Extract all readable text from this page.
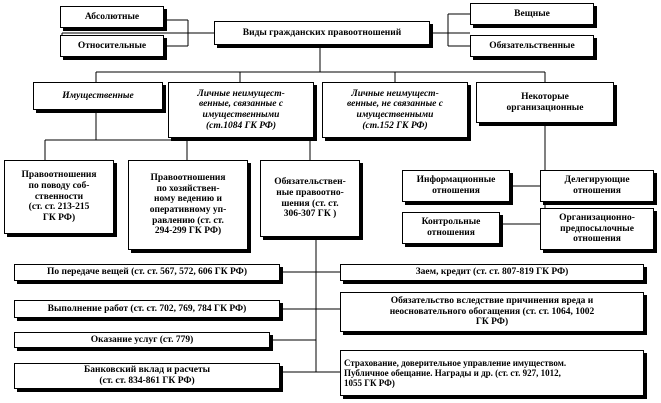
Абсолютные
Относительные
Виды гражданских правоотношений
Вещные
Обязательственные
Имущественные	Личные неимущест-
венные, связанные с
имущественными
(ст.1084 ГК РФ)
Личные неимущест-
венные, не связанные с
имущественными
(ст.152 ГК РФ)
Некоторые
организационные
Правоотношения
по поводу соб-
ственности
(ст. ст. 213-215
ГК РФ)
Правоотношения
по хозяйствен-
ному ведению и
оперативному уп-
равлению (ст. ст.
294-299 ГК РФ)
Обязательствен-
ные правоотно-
шения (ст. ст.
306-307 ГК )
Информационные
отношения
Делегирующие
отношения
Контрольные
отношения
Организационно-
предпосылочные
отношения
По передаче вещей (ст. ст. 567, 572, 606 ГК РФ)
Выполнение работ (ст. ст. 702, 769, 784 ГК РФ)
Оказание услуг (ст. 779)
Банковский вклад и расчеты
(ст. ст. 834-861 ГК РФ)
Заем, кредит (ст. ст. 807-819 ГК РФ)
Обязательство вследствие причинения вреда и
неосновательного обогащения (ст. ст. 1064, 1002
ГК РФ)
Страхование, доверительное управление имуществом.
Публичное обещание. Награды и др. (ст. ст. 927, 1012,
1055 ГК РФ)
